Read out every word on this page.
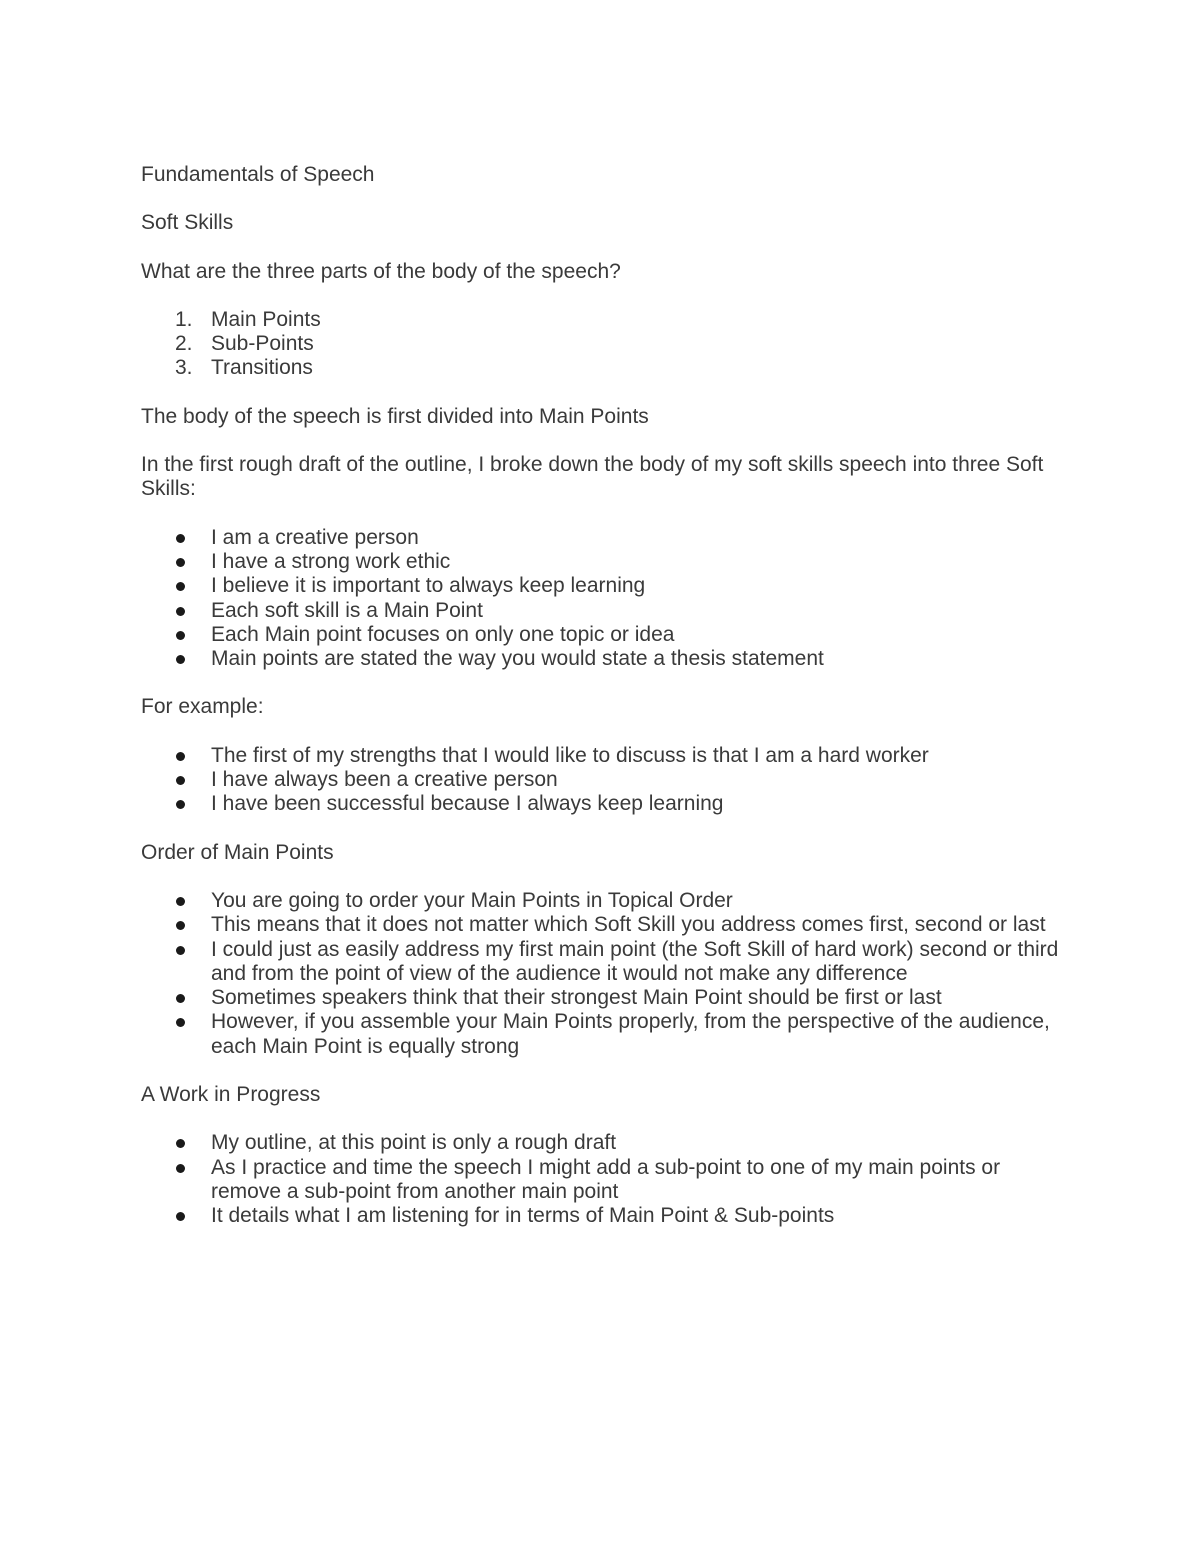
Fundamentals of Speech

Soft Skills

What are the three parts of the body of the speech?

1. Main Points
2. Sub-Points
3. Transitions

The body of the speech is first divided into Main Points

In the first rough draft of the outline, I broke down the body of my soft skills speech into three Soft Skills:

I am a creative person
I have a strong work ethic
I believe it is important to always keep learning
Each soft skill is a Main Point
Each Main point focuses on only one topic or idea
Main points are stated the way you would state a thesis statement

For example:

The first of my strengths that I would like to discuss is that I am a hard worker
I have always been a creative person
I have been successful because I always keep learning

Order of Main Points

You are going to order your Main Points in Topical Order
This means that it does not matter which Soft Skill you address comes first, second or last
I could just as easily address my first main point (the Soft Skill of hard work) second or third and from the point of view of the audience it would not make any difference
Sometimes speakers think that their strongest Main Point should be first or last
However, if you assemble your Main Points properly, from the perspective of the audience, each Main Point is equally strong

A Work in Progress

My outline, at this point is only a rough draft
As I practice and time the speech I might add a sub-point to one of my main points or remove a sub-point from another main point
It details what I am listening for in terms of Main Point & Sub-points
